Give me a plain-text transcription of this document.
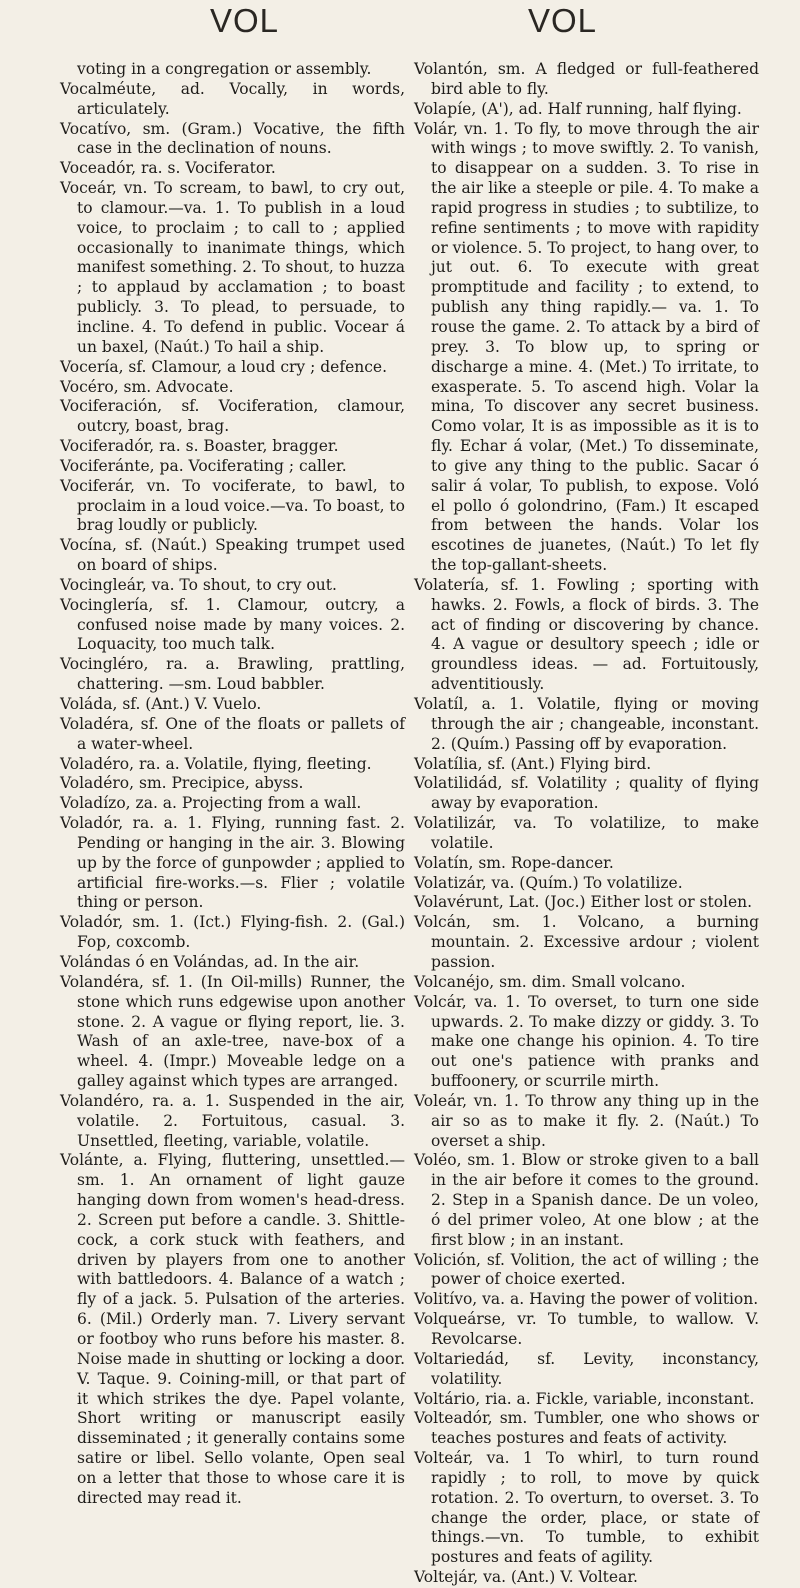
VOL	VOL

voting in a congregation or assembly.

Vocalméute, ad. Vocally, in words, articulately.

Vocatívo, sm. (Gram.) Vocative, the fifth case in the declination of nouns.

Voceadór, ra. s. Vociferator.

Voceár, vn. To scream, to bawl, to cry out, to clamour.—va. 1. To publish in a loud voice, to proclaim ; to call to ; applied occasionally to inanimate things, which manifest something. 2. To shout, to huzza ; to applaud by acclamation ; to boast publicly. 3. To plead, to persuade, to incline. 4. To defend in public. Vocear á un baxel, (Naút.) To hail a ship.

Vocería, sf. Clamour, a loud cry ; defence.

Vocéro, sm. Advocate.

Vociferación, sf. Vociferation, clamour, outcry, boast, brag.

Vociferadór, ra. s. Boaster, bragger.

Vociferánte, pa. Vociferating ; caller.

Vociferár, vn. To vociferate, to bawl, to proclaim in a loud voice.—va. To boast, to brag loudly or publicly.

Vocína, sf. (Naút.) Speaking trumpet used on board of ships.

Vocingleár, va. To shout, to cry out.

Vocinglería, sf. 1. Clamour, outcry, a confused noise made by many voices. 2. Loquacity, too much talk.

Vocingléro, ra. a. Brawling, prattling, chattering. —sm. Loud babbler.

Voláda, sf. (Ant.) V. Vuelo.

Voladéra, sf. One of the floats or pallets of a water-wheel.

Voladéro, ra. a. Volatile, flying, fleeting.

Voladéro, sm. Precipice, abyss.

Voladízo, za. a. Projecting from a wall.

Voladór, ra. a. 1. Flying, running fast. 2. Pending or hanging in the air. 3. Blowing up by the force of gunpowder ; applied to artificial fire-works.—s. Flier ; volatile thing or person.

Voladór, sm. 1. (Ict.) Flying-fish. 2. (Gal.) Fop, coxcomb.

Volándas ó en Volándas, ad. In the air.

Volandéra, sf. 1. (In Oil-mills) Runner, the stone which runs edgewise upon another stone. 2. A vague or flying report, lie. 3. Wash of an axle-tree, nave-box of a wheel. 4. (Impr.) Moveable ledge on a galley against which types are arranged.

Volandéro, ra. a. 1. Suspended in the air, volatile. 2. Fortuitous, casual. 3. Unsettled, fleeting, variable, volatile.

Volánte, a. Flying, fluttering, unsettled.—sm. 1. An ornament of light gauze hanging down from women's head-dress. 2. Screen put before a candle. 3. Shittle-cock, a cork stuck with feathers, and driven by players from one to another with battledoors. 4. Balance of a watch ; fly of a jack. 5. Pulsation of the arteries. 6. (Mil.) Orderly man. 7. Livery servant or footboy who runs before his master. 8. Noise made in shutting or locking a door. V. Taque. 9. Coining-mill, or that part of it which strikes the dye. Papel volante, Short writing or manuscript easily disseminated ; it generally contains some satire or libel. Sello volante, Open seal on a letter that those to whose care it is directed may read it.

Volantón, sm. A fledged or full-feathered bird able to fly.

Volapíe, (A'), ad. Half running, half flying.

Volár, vn. 1. To fly, to move through the air with wings ; to move swiftly. 2. To vanish, to disappear on a sudden. 3. To rise in the air like a steeple or pile. 4. To make a rapid progress in studies ; to subtilize, to refine sentiments ; to move with rapidity or violence. 5. To project, to hang over, to jut out. 6. To execute with great promptitude and facility ; to extend, to publish any thing rapidly.— va. 1. To rouse the game. 2. To attack by a bird of prey. 3. To blow up, to spring or discharge a mine. 4. (Met.) To irritate, to exasperate. 5. To ascend high. Volar la mina, To discover any secret business. Como volar, It is as impossible as it is to fly. Echar á volar, (Met.) To disseminate, to give any thing to the public. Sacar ó salir á volar, To publish, to expose. Voló el pollo ó golondrino, (Fam.) It escaped from between the hands. Volar los escotines de juanetes, (Naút.) To let fly the top-gallant-sheets.

Volatería, sf. 1. Fowling ; sporting with hawks. 2. Fowls, a flock of birds. 3. The act of finding or discovering by chance. 4. A vague or desultory speech ; idle or groundless ideas. — ad. Fortuitously, adventitiously.

Volatíl, a. 1. Volatile, flying or moving through the air ; changeable, inconstant. 2. (Quím.) Passing off by evaporation.

Volatília, sf. (Ant.) Flying bird.

Volatilidád, sf. Volatility ; quality of flying away by evaporation.

Volatilizár, va. To volatilize, to make volatile.

Volatín, sm. Rope-dancer.

Volatizár, va. (Quím.) To volatilize.

Volavérunt, Lat. (Joc.) Either lost or stolen.

Volcán, sm. 1. Volcano, a burning mountain. 2. Excessive ardour ; violent passion.

Volcanéjo, sm. dim. Small volcano.

Volcár, va. 1. To overset, to turn one side upwards. 2. To make dizzy or giddy. 3. To make one change his opinion. 4. To tire out one's patience with pranks and buffoonery, or scurrile mirth.

Voleár, vn. 1. To throw any thing up in the air so as to make it fly. 2. (Naút.) To overset a ship.

Voléo, sm. 1. Blow or stroke given to a ball in the air before it comes to the ground. 2. Step in a Spanish dance. De un voleo, ó del primer voleo, At one blow ; at the first blow ; in an instant.

Volición, sf. Volition, the act of willing ; the power of choice exerted.

Volitívo, va. a. Having the power of volition.

Volqueárse, vr. To tumble, to wallow. V. Revolcarse.

Voltariedád, sf. Levity, inconstancy, volatility.

Voltário, ria. a. Fickle, variable, inconstant.

Volteadór, sm. Tumbler, one who shows or teaches postures and feats of activity.

Volteár, va. 1 To whirl, to turn round rapidly ; to roll, to move by quick rotation. 2. To overturn, to overset. 3. To change the order, place, or state of things.—vn. To tumble, to exhibit postures and feats of agility.

Voltejár, va. (Ant.) V. Voltear.
